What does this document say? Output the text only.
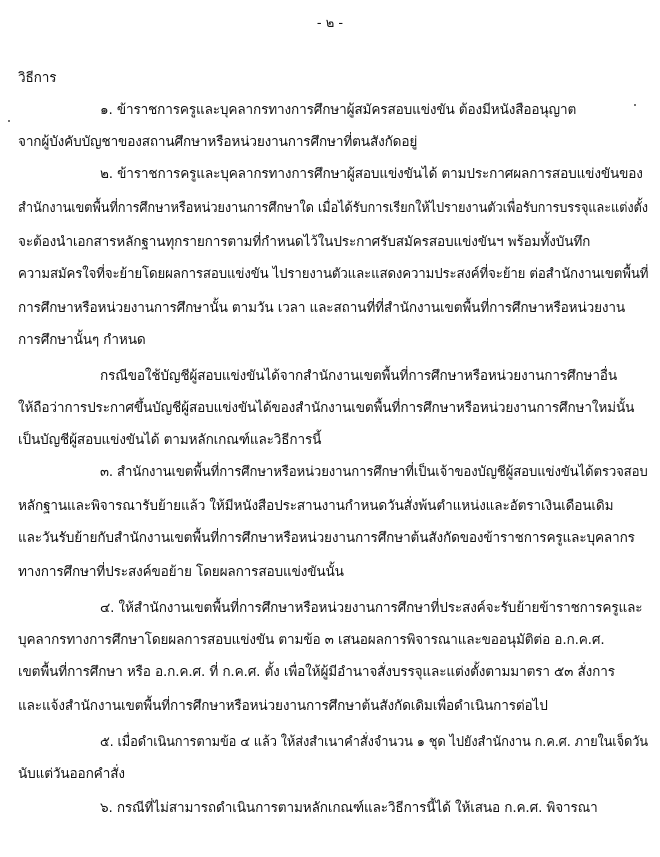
- ๒ -
วิธีการ
๑. ข้าราชการครูและบุคลากรทางการศึกษาผู้สมัครสอบแข่งขัน ต้องมีหนังสืออนุญาต
จากผู้บังคับบัญชาของสถานศึกษาหรือหน่วยงานการศึกษาที่ตนสังกัดอยู่
๒. ข้าราชการครูและบุคลากรทางการศึกษาผู้สอบแข่งขันได้ ตามประกาศผลการสอบแข่งขันของ
สำนักงานเขตพื้นที่การศึกษาหรือหน่วยงานการศึกษาใด เมื่อได้รับการเรียกให้ไปรายงานตัวเพื่อรับการบรรจุและแต่งตั้ง
จะต้องนำเอกสารหลักฐานทุกรายการตามที่กำหนดไว้ในประกาศรับสมัครสอบแข่งขันฯ พร้อมทั้งบันทึก
ความสมัครใจที่จะย้ายโดยผลการสอบแข่งขัน ไปรายงานตัวและแสดงความประสงค์ที่จะย้าย ต่อสำนักงานเขตพื้นที่
การศึกษาหรือหน่วยงานการศึกษานั้น ตามวัน เวลา และสถานที่ที่สำนักงานเขตพื้นที่การศึกษาหรือหน่วยงาน
การศึกษานั้นๆ กำหนด
กรณีขอใช้บัญชีผู้สอบแข่งขันได้จากสำนักงานเขตพื้นที่การศึกษาหรือหน่วยงานการศึกษาอื่น
ให้ถือว่าการประกาศขึ้นบัญชีผู้สอบแข่งขันได้ของสำนักงานเขตพื้นที่การศึกษาหรือหน่วยงานการศึกษาใหม่นั้น
เป็นบัญชีผู้สอบแข่งขันได้ ตามหลักเกณฑ์และวิธีการนี้
๓. สำนักงานเขตพื้นที่การศึกษาหรือหน่วยงานการศึกษาที่เป็นเจ้าของบัญชีผู้สอบแข่งขันได้ตรวจสอบ
หลักฐานและพิจารณารับย้ายแล้ว ให้มีหนังสือประสานงานกำหนดวันสั่งพ้นตำแหน่งและอัตราเงินเดือนเดิม
และวันรับย้ายกับสำนักงานเขตพื้นที่การศึกษาหรือหน่วยงานการศึกษาต้นสังกัดของข้าราชการครูและบุคลากร
ทางการศึกษาที่ประสงค์ขอย้าย โดยผลการสอบแข่งขันนั้น
๔. ให้สำนักงานเขตพื้นที่การศึกษาหรือหน่วยงานการศึกษาที่ประสงค์จะรับย้ายข้าราชการครูและ
บุคลากรทางการศึกษาโดยผลการสอบแข่งขัน ตามข้อ ๓ เสนอผลการพิจารณาและขออนุมัติต่อ อ.ก.ค.ศ.
เขตพื้นที่การศึกษา หรือ อ.ก.ค.ศ. ที่ ก.ค.ศ. ตั้ง เพื่อให้ผู้มีอำนาจสั่งบรรจุและแต่งตั้งตามมาตรา ๕๓ สั่งการ
และแจ้งสำนักงานเขตพื้นที่การศึกษาหรือหน่วยงานการศึกษาต้นสังกัดเดิมเพื่อดำเนินการต่อไป
๕. เมื่อดำเนินการตามข้อ ๔ แล้ว ให้ส่งสำเนาคำสั่งจำนวน ๑ ชุด ไปยังสำนักงาน ก.ค.ศ. ภายในเจ็ดวัน
นับแต่วันออกคำสั่ง
๖. กรณีที่ไม่สามารถดำเนินการตามหลักเกณฑ์และวิธีการนี้ได้ ให้เสนอ ก.ค.ศ. พิจารณา
